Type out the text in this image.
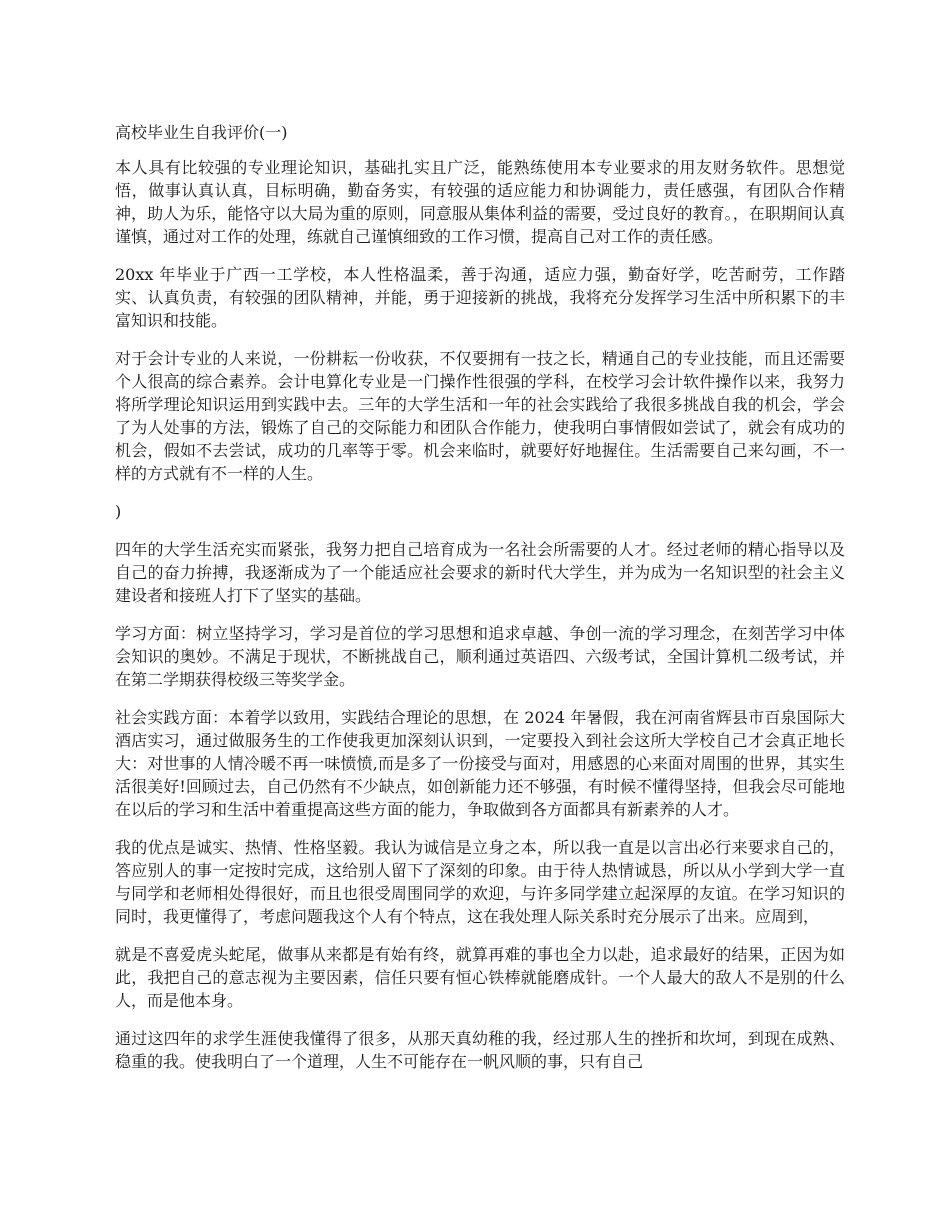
高校毕业生自我评价(一)

本人具有比较强的专业理论知识，基础扎实且广泛，能熟练使用本专业要求的用友财务软件。思想觉悟，做事认真认真，目标明确，勤奋务实，有较强的适应能力和协调能力，责任感强，有团队合作精神，助人为乐，能恪守以大局为重的原则，同意服从集体利益的需要，受过良好的教育。，在职期间认真谨慎，通过对工作的处理，练就自己谨慎细致的工作习惯，提高自己对工作的责任感。

20xx 年毕业于广西一工学校，本人性格温柔，善于沟通，适应力强，勤奋好学，吃苦耐劳，工作踏实、认真负责，有较强的团队精神，并能，勇于迎接新的挑战，我将充分发挥学习生活中所积累下的丰富知识和技能。

对于会计专业的人来说，一份耕耘一份收获，不仅要拥有一技之长，精通自己的专业技能，而且还需要个人很高的综合素养。会计电算化专业是一门操作性很强的学科，在校学习会计软件操作以来，我努力将所学理论知识运用到实践中去。三年的大学生活和一年的社会实践给了我很多挑战自我的机会，学会了为人处事的方法，锻炼了自己的交际能力和团队合作能力，使我明白事情假如尝试了，就会有成功的机会，假如不去尝试，成功的几率等于零。机会来临时，就要好好地握住。生活需要自己来勾画，不一样的方式就有不一样的人生。

)

四年的大学生活充实而紧张，我努力把自己培育成为一名社会所需要的人才。经过老师的精心指导以及自己的奋力拚搏，我逐渐成为了一个能适应社会要求的新时代大学生，并为成为一名知识型的社会主义建设者和接班人打下了坚实的基础。

学习方面：树立坚持学习，学习是首位的学习思想和追求卓越、争创一流的学习理念，在刻苦学习中体会知识的奥妙。不满足于现状，不断挑战自己，顺利通过英语四、六级考试，全国计算机二级考试，并在第二学期获得校级三等奖学金。

社会实践方面：本着学以致用，实践结合理论的思想，在 2024 年暑假，我在河南省辉县市百泉国际大酒店实习，通过做服务生的工作使我更加深刻认识到，一定要投入到社会这所大学校自己才会真正地长大：对世事的人情冷暖不再一味愤愤,而是多了一份接受与面对，用感恩的心来面对周围的世界，其实生活很美好!回顾过去，自己仍然有不少缺点，如创新能力还不够强，有时候不懂得坚持，但我会尽可能地在以后的学习和生活中着重提高这些方面的能力，争取做到各方面都具有新素养的人才。

我的优点是诚实、热情、性格坚毅。我认为诚信是立身之本，所以我一直是以言出必行来要求自己的，答应别人的事一定按时完成，这给别人留下了深刻的印象。由于待人热情诚恳，所以从小学到大学一直与同学和老师相处得很好，而且也很受周围同学的欢迎，与许多同学建立起深厚的友谊。在学习知识的同时，我更懂得了，考虑问题我这个人有个特点，这在我处理人际关系时充分展示了出来。应周到，

就是不喜爱虎头蛇尾，做事从来都是有始有终，就算再难的事也全力以赴，追求最好的结果，正因为如此，我把自己的意志视为主要因素，信任只要有恒心铁棒就能磨成针。一个人最大的敌人不是别的什么人，而是他本身。

通过这四年的求学生涯使我懂得了很多，从那天真幼稚的我，经过那人生的挫折和坎坷，到现在成熟、稳重的我。使我明白了一个道理，人生不可能存在一帆风顺的事，只有自己
